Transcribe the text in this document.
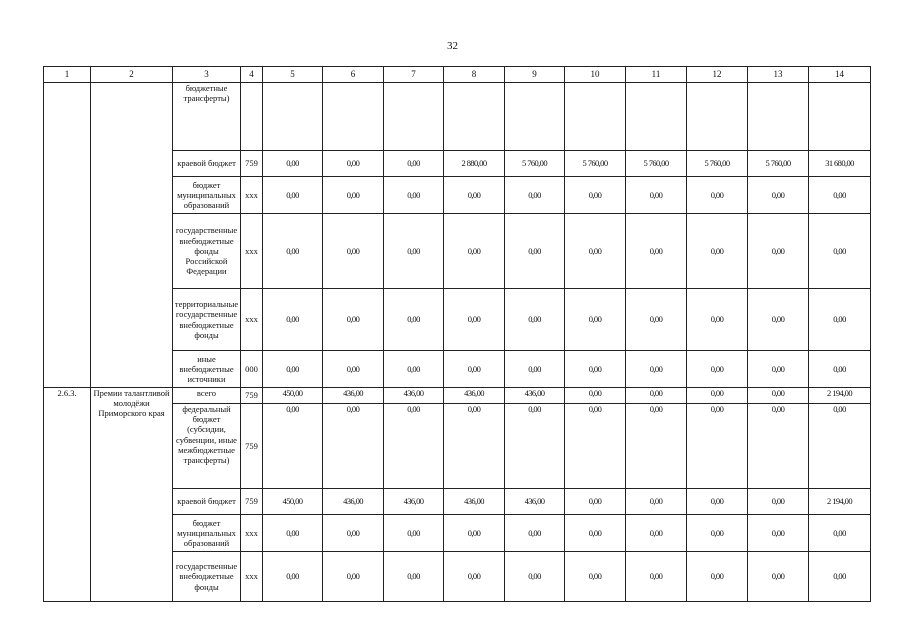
32
1	2	3	4	5	6	7	8	9	10	11	12	13	14
		бюджетные трансферты)											
		краевой бюджет	759	0,00	0,00	0,00	2 880,00	5 760,00	5 760,00	5 760,00	5 760,00	5 760,00	31 680,00
		бюджет муниципальных образований	ххх	0,00	0,00	0,00	0,00	0,00	0,00	0,00	0,00	0,00	0,00
		государственные внебюджетные фонды Российской Федерации	ххх	0,00	0,00	0,00	0,00	0,00	0,00	0,00	0,00	0,00	0,00
		территориальные государственные внебюджетные фонды	ххх	0,00	0,00	0,00	0,00	0,00	0,00	0,00	0,00	0,00	0,00
		иные внебюджетные источники	000	0,00	0,00	0,00	0,00	0,00	0,00	0,00	0,00	0,00	0,00
2.6.3.	Премии талантливой молодёжи Приморского края	всего	759	450,00	436,00	436,00	436,00	436,00	0,00	0,00	0,00	0,00	2 194,00
		федеральный бюджет (субсидии, субвенции, иные межбюджетные трансферты)	759	0,00	0,00	0,00	0,00	0,00	0,00	0,00	0,00	0,00	0,00
		краевой бюджет	759	450,00	436,00	436,00	436,00	436,00	0,00	0,00	0,00	0,00	2 194,00
		бюджет муниципальных образований	ххх	0,00	0,00	0,00	0,00	0,00	0,00	0,00	0,00	0,00	0,00
		государственные внебюджетные фонды	ххх	0,00	0,00	0,00	0,00	0,00	0,00	0,00	0,00	0,00	0,00
